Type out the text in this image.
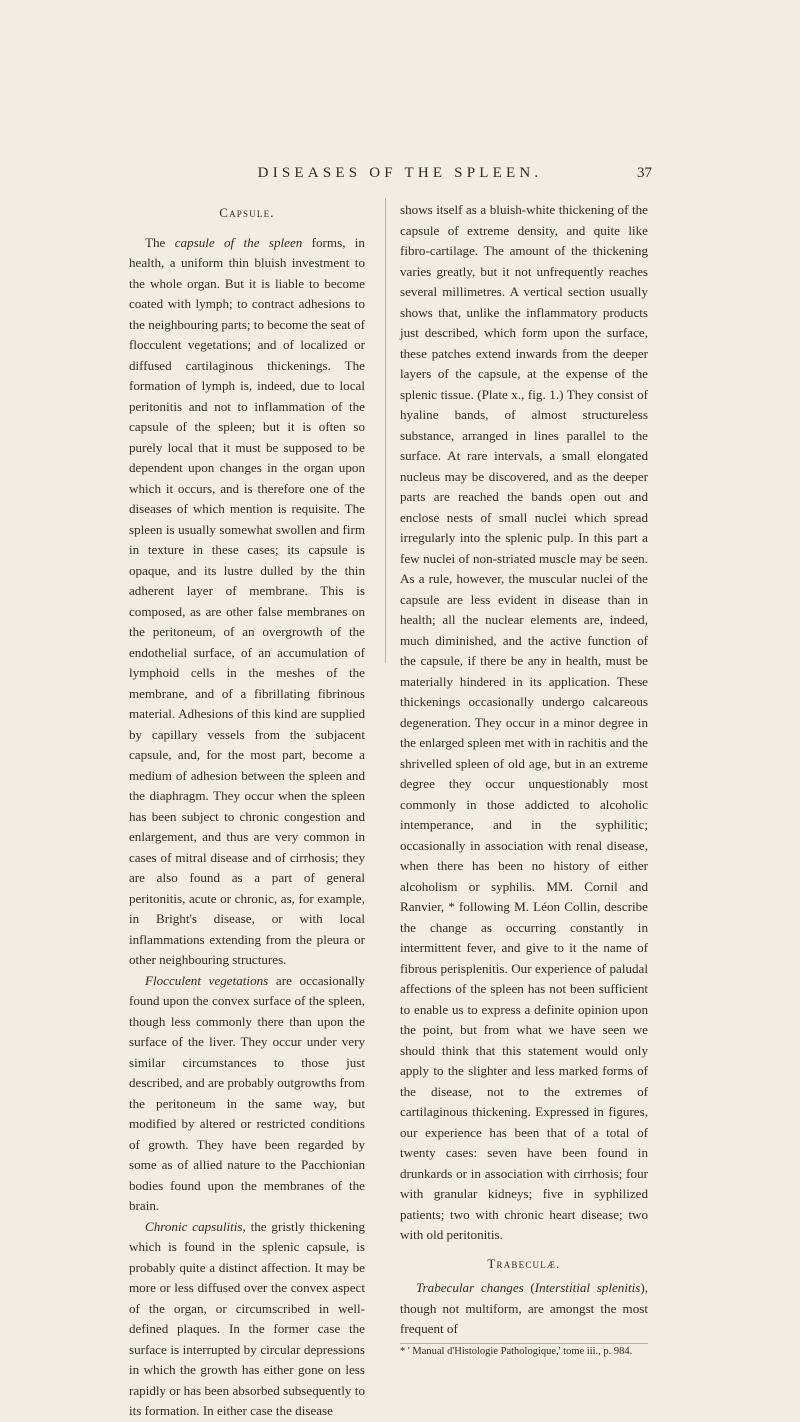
DISEASES OF THE SPLEEN.	37
Capsule.

The capsule of the spleen forms, in health, a uniform thin bluish investment to the whole organ. But it is liable to become coated with lymph; to contract adhesions to the neighbouring parts; to become the seat of flocculent vegetations; and of localized or diffused cartilaginous thickenings. The formation of lymph is, indeed, due to local peritonitis and not to inflammation of the capsule of the spleen; but it is often so purely local that it must be supposed to be dependent upon changes in the organ upon which it occurs, and is therefore one of the diseases of which mention is requisite. The spleen is usually somewhat swollen and firm in texture in these cases; its capsule is opaque, and its lustre dulled by the thin adherent layer of membrane. This is composed, as are other false membranes on the peritoneum, of an overgrowth of the endothelial surface, of an accumulation of lymphoid cells in the meshes of the membrane, and of a fibrillating fibrinous material. Adhesions of this kind are supplied by capillary vessels from the subjacent capsule, and, for the most part, become a medium of adhesion between the spleen and the diaphragm. They occur when the spleen has been subject to chronic congestion and enlargement, and thus are very common in cases of mitral disease and of cirrhosis; they are also found as a part of general peritonitis, acute or chronic, as, for example, in Bright's disease, or with local inflammations extending from the pleura or other neighbouring structures.

Flocculent vegetations are occasionally found upon the convex surface of the spleen, though less commonly there than upon the surface of the liver. They occur under very similar circumstances to those just described, and are probably outgrowths from the peritoneum in the same way, but modified by altered or restricted conditions of growth. They have been regarded by some as of allied nature to the Pacchionian bodies found upon the membranes of the brain.

Chronic capsulitis, the gristly thickening which is found in the splenic capsule, is probably quite a distinct affection. It may be more or less diffused over the convex aspect of the organ, or circumscribed in well-defined plaques. In the former case the surface is interrupted by circular depressions in which the growth has either gone on less rapidly or has been absorbed subsequently to its formation. In either case the disease

shows itself as a bluish-white thickening of the capsule of extreme density, and quite like fibro-cartilage. The amount of the thickening varies greatly, but it not unfrequently reaches several millimetres. A vertical section usually shows that, unlike the inflammatory products just described, which form upon the surface, these patches extend inwards from the deeper layers of the capsule, at the expense of the splenic tissue. (Plate x., fig. 1.) They consist of hyaline bands, of almost structureless substance, arranged in lines parallel to the surface. At rare intervals, a small elongated nucleus may be discovered, and as the deeper parts are reached the bands open out and enclose nests of small nuclei which spread irregularly into the splenic pulp. In this part a few nuclei of non-striated muscle may be seen. As a rule, however, the muscular nuclei of the capsule are less evident in disease than in health; all the nuclear elements are, indeed, much diminished, and the active function of the capsule, if there be any in health, must be materially hindered in its application. These thickenings occasionally undergo calcareous degeneration. They occur in a minor degree in the enlarged spleen met with in rachitis and the shrivelled spleen of old age, but in an extreme degree they occur unquestionably most commonly in those addicted to alcoholic intemperance, and in the syphilitic; occasionally in association with renal disease, when there has been no history of either alcoholism or syphilis. MM. Cornil and Ranvier, * following M. Léon Collin, describe the change as occurring constantly in intermittent fever, and give to it the name of fibrous perisplenitis. Our experience of paludal affections of the spleen has not been sufficient to enable us to express a definite opinion upon the point, but from what we have seen we should think that this statement would only apply to the slighter and less marked forms of the disease, not to the extremes of cartilaginous thickening. Expressed in figures, our experience has been that of a total of twenty cases: seven have been found in drunkards or in association with cirrhosis; four with granular kidneys; five in syphilized patients; two with chronic heart disease; two with old peritonitis.

Trabeculæ.

Trabecular changes (Interstitial splenitis), though not multiform, are amongst the most frequent of

* ' Manual d'Histologie Pathologique,' tome iii., p. 984.
